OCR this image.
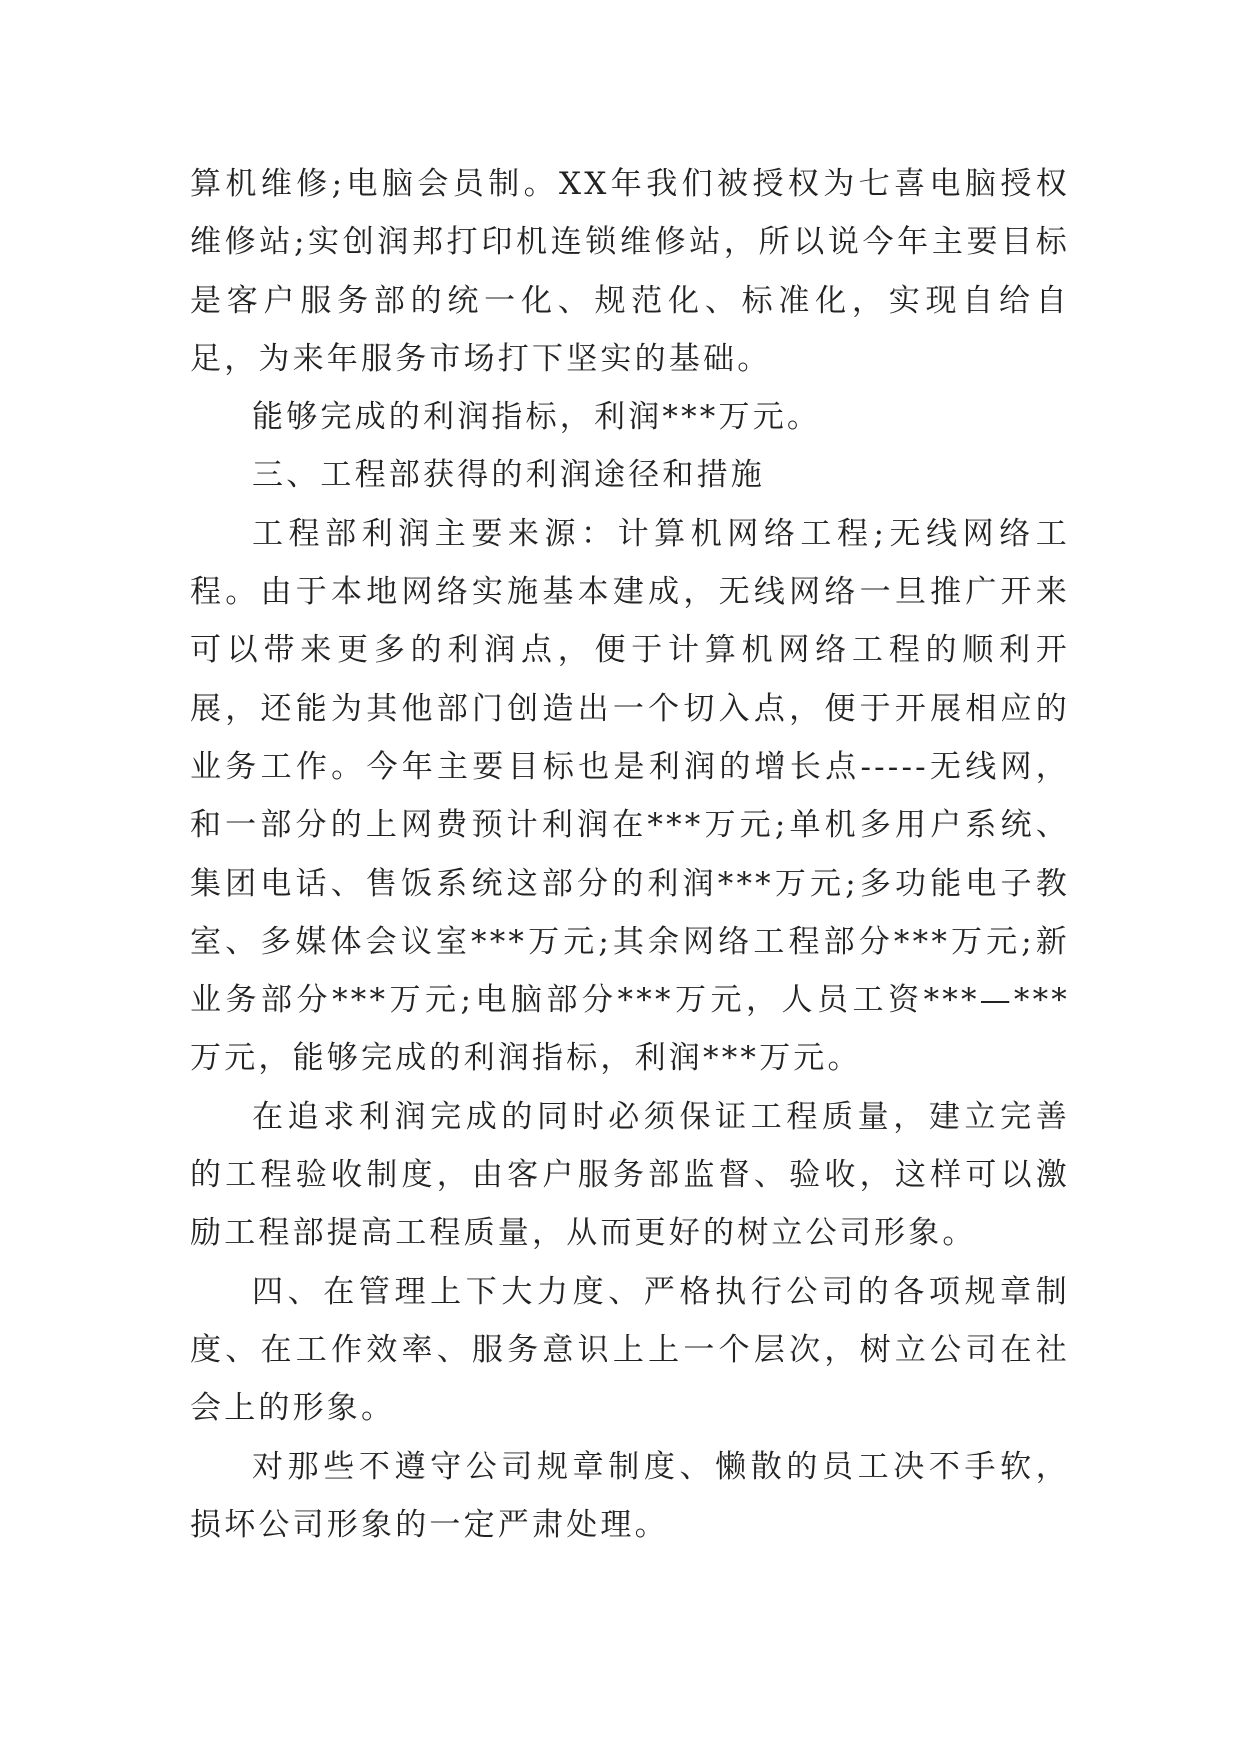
算机维修;电脑会员制。XX年我们被授权为七喜电脑授权维修站;实创润邦打印机连锁维修站，所以说今年主要目标是客户服务部的统一化、规范化、标准化，实现自给自足，为来年服务市场打下坚实的基础。

能够完成的利润指标，利润***万元。

三、工程部获得的利润途径和措施

工程部利润主要来源：计算机网络工程;无线网络工程。由于本地网络实施基本建成，无线网络一旦推广开来可以带来更多的利润点，便于计算机网络工程的顺利开展，还能为其他部门创造出一个切入点，便于开展相应的业务工作。今年主要目标也是利润的增长点-----无线网，和一部分的上网费预计利润在***万元;单机多用户系统、集团电话、售饭系统这部分的利润***万元;多功能电子教室、多媒体会议室***万元;其余网络工程部分***万元;新业务部分***万元;电脑部分***万元，人员工资***—***万元，能够完成的利润指标，利润***万元。

在追求利润完成的同时必须保证工程质量，建立完善的工程验收制度，由客户服务部监督、验收，这样可以激励工程部提高工程质量，从而更好的树立公司形象。

四、在管理上下大力度、严格执行公司的各项规章制度、在工作效率、服务意识上上一个层次，树立公司在社会上的形象。

对那些不遵守公司规章制度、懒散的员工决不手软，损坏公司形象的一定严肃处理。
